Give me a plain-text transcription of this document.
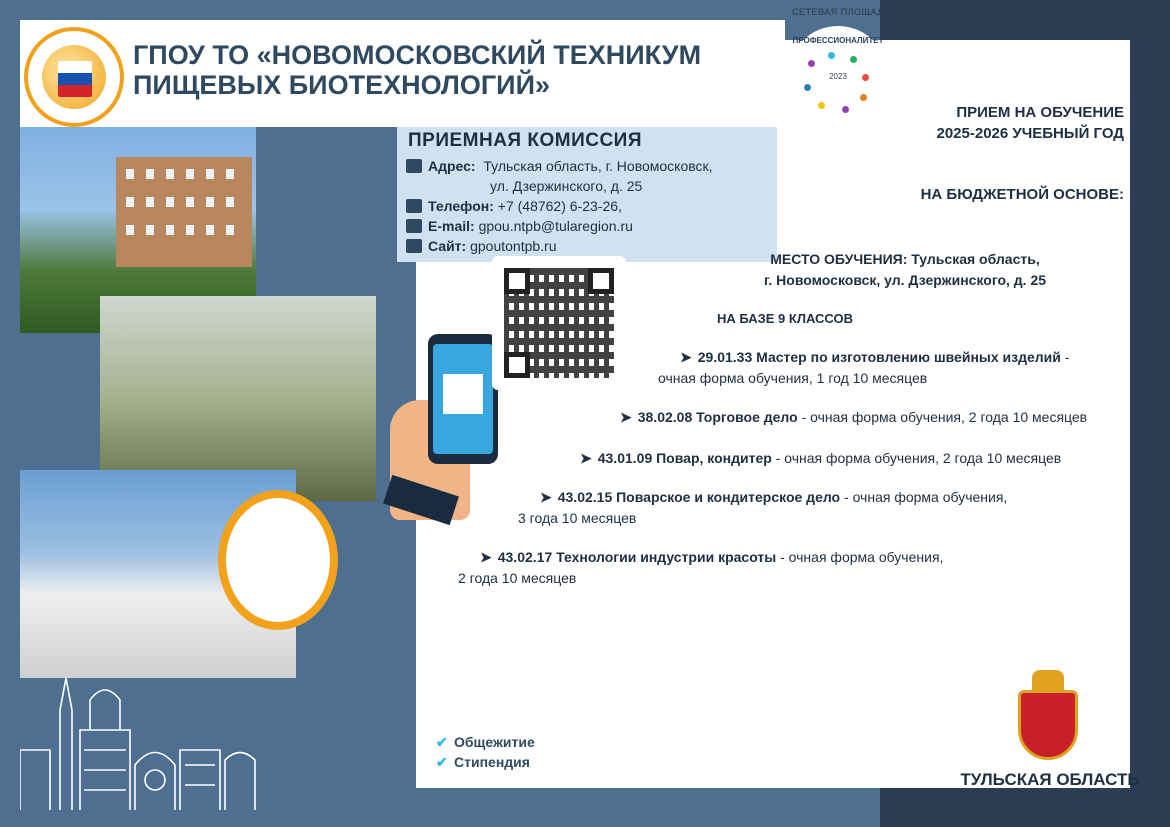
ГПОУ ТО «НОВОМОСКОВСКИЙ ТЕХНИКУМ
ПИЩЕВЫХ БИОТЕХНОЛОГИЙ»
СЕТЕВАЯ ПЛОЩАДКА
ПРОФЕССИОНАЛИТЕТ
2023
ПРИЕМНАЯ КОМИССИЯ
Адрес: Тульская область, г. Новомосковск,
ул. Дзержинского, д. 25
Телефон: +7 (48762) 6-23-26,
E-mail: gpou.ntpb@tularegion.ru
Сайт: gpoutontpb.ru
ПРИЕМ НА ОБУЧЕНИЕ
2025-2026 УЧЕБНЫЙ ГОД
НА БЮДЖЕТНОЙ ОСНОВЕ:
МЕСТО ОБУЧЕНИЯ: Тульская область,
г. Новомосковск, ул. Дзержинского, д. 25
НА БАЗЕ 9 КЛАССОВ
➤ 29.01.33 Мастер по изготовлению швейных изделий -
очная форма обучения, 1 год 10 месяцев
➤ 38.02.08 Торговое дело - очная форма обучения, 2 года 10 месяцев
➤ 43.01.09 Повар, кондитер - очная форма обучения, 2 года 10 месяцев
➤ 43.02.15 Поварское и кондитерское дело - очная форма обучения,
3 года 10 месяцев
➤ 43.02.17 Технологии индустрии красоты - очная форма обучения,
2 года 10 месяцев
✔ Общежитие
✔ Стипендия
ТУЛЬСКАЯ ОБЛАСТЬ
